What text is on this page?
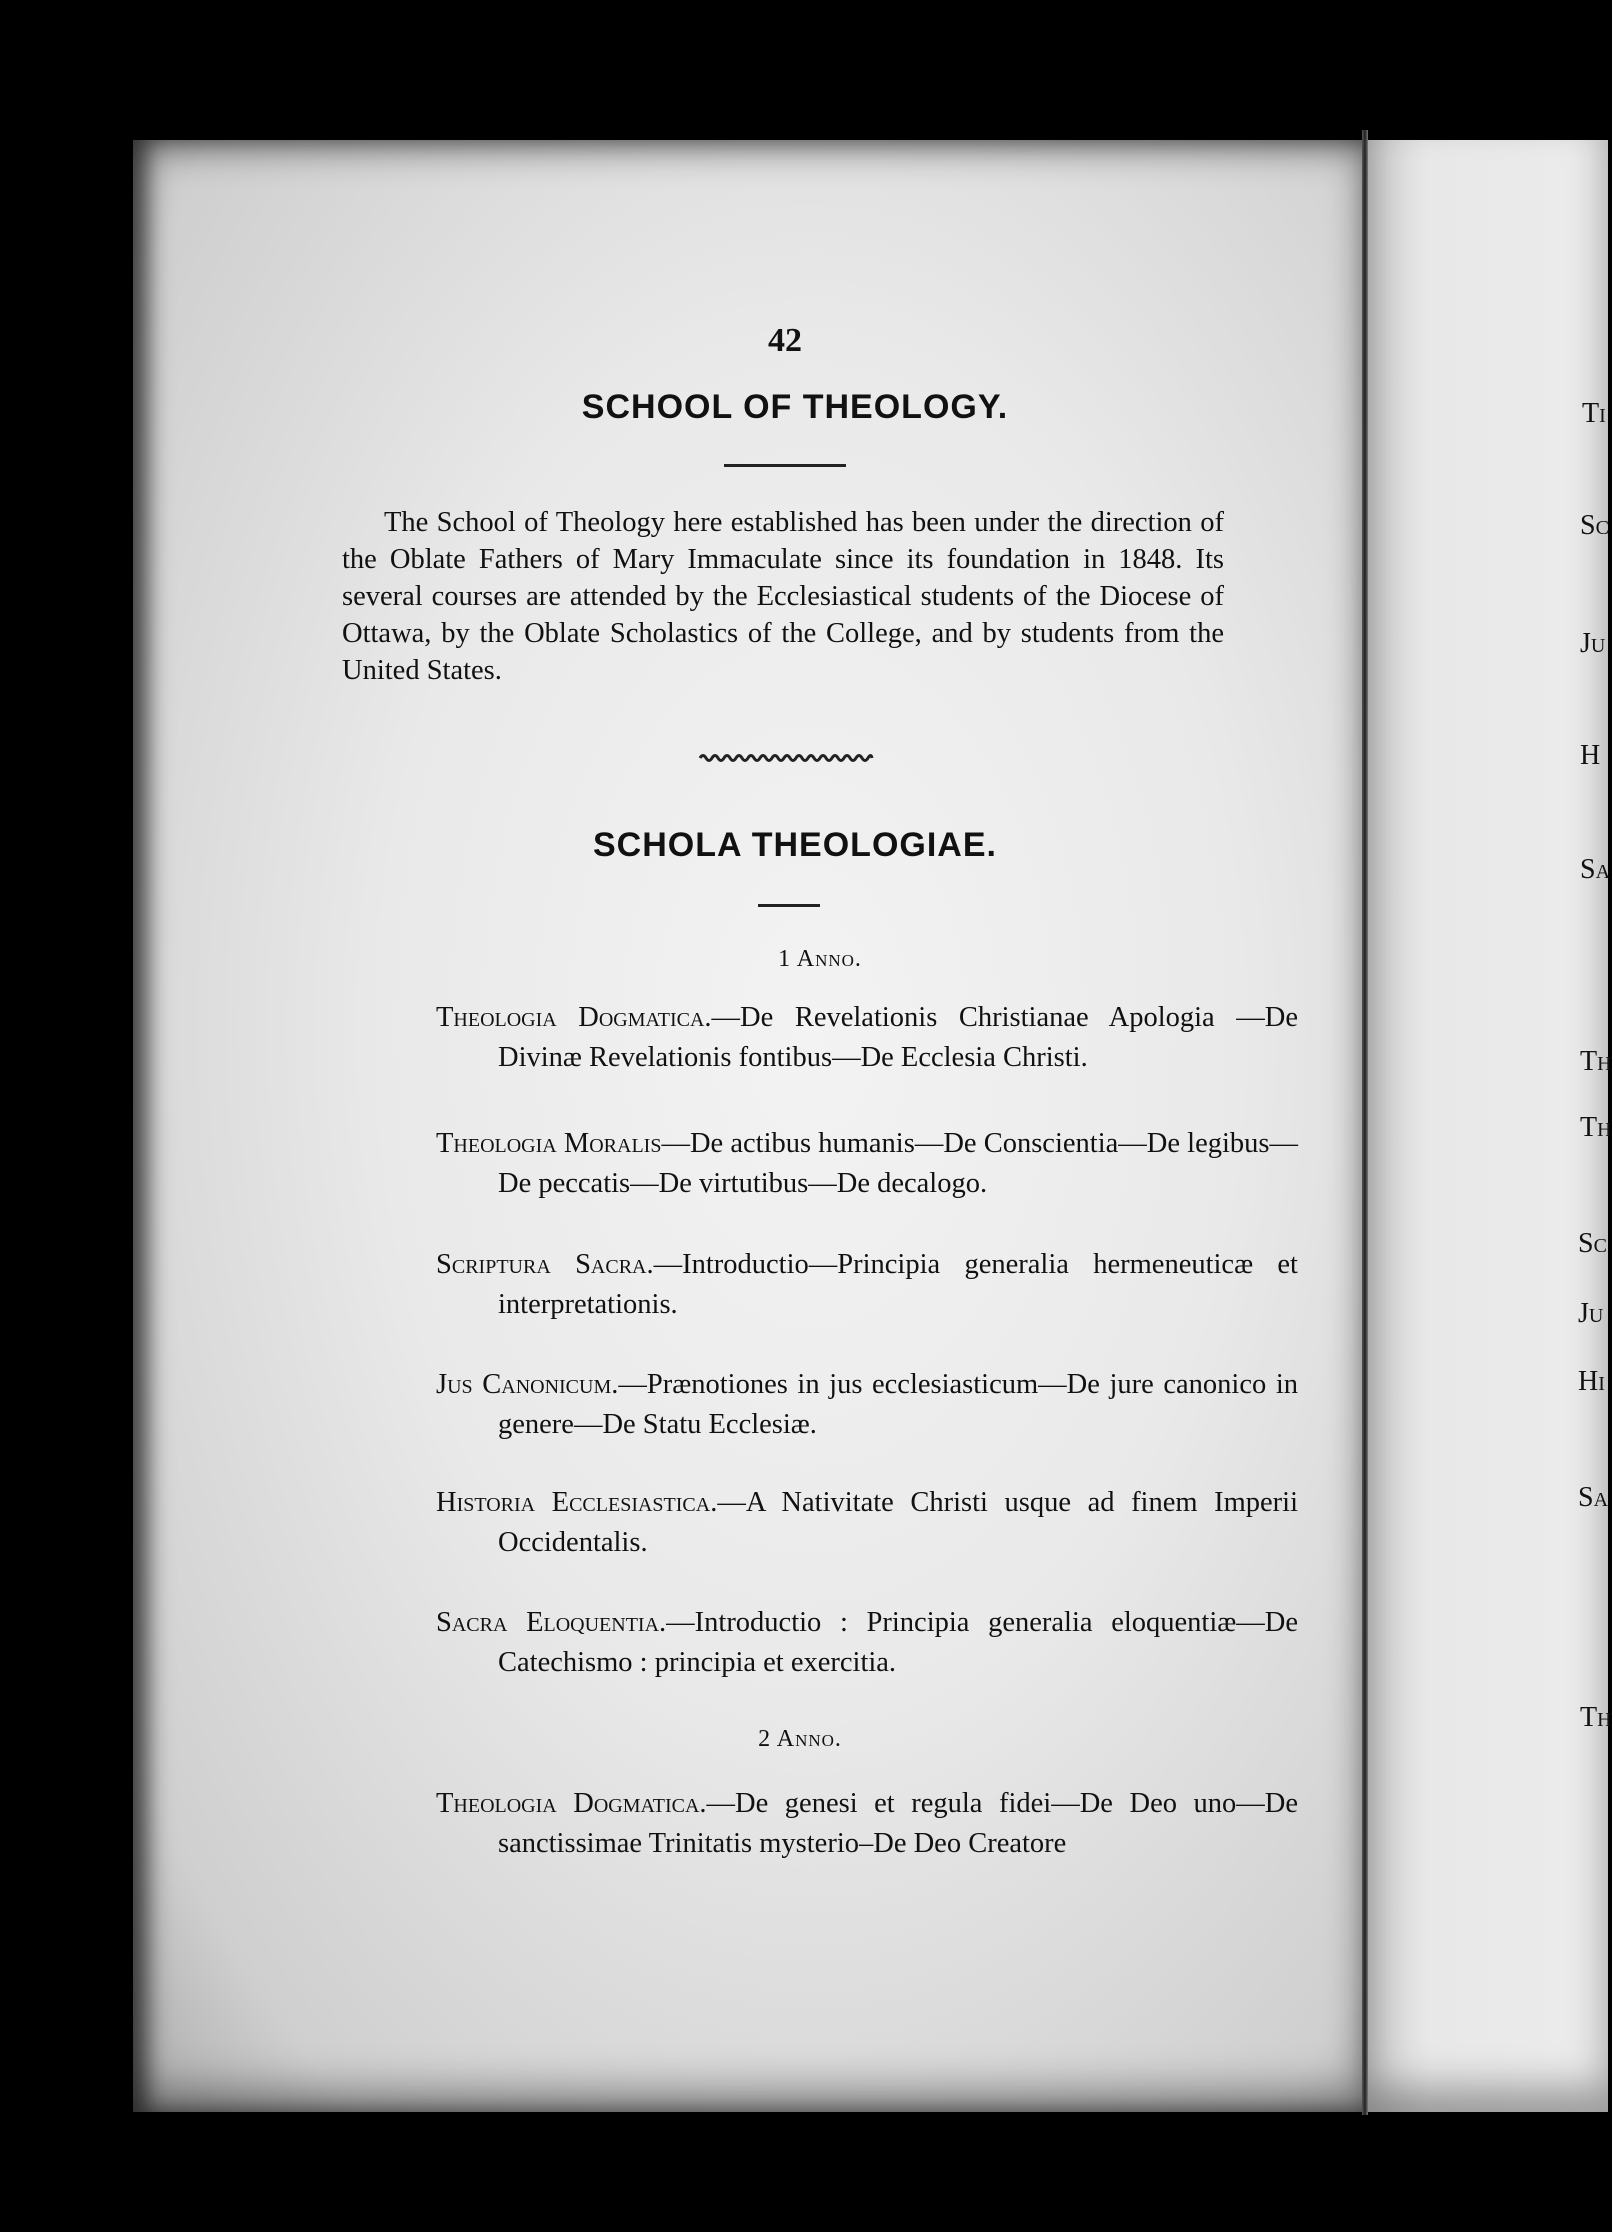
42
SCHOOL OF THEOLOGY.

The School of Theology here established has been under the direction of the Oblate Fathers of Mary Immaculate since its foundation in 1848. Its several courses are attended by the Ecclesiastical students of the Diocese of Ottawa, by the Oblate Scholastics of the College, and by students from the United States.

SCHOLA THEOLOGIAE.
1 Anno.

Theologia Dogmatica.—De Revelationis Christianae Apologia —De Divinæ Revelationis fontibus—De Ecclesia Christi.

Theologia Moralis—De actibus humanis—De Conscientia—De legibus—De peccatis—De virtutibus—De decalogo.

Scriptura Sacra.—Introductio—Principia generalia hermeneuticæ et interpretationis.

Jus Canonicum.—Prænotiones in jus ecclesiasticum—De jure canonico in genere—De Statu Ecclesiæ.

Historia Ecclesiastica.—A Nativitate Christi usque ad finem Imperii Occidentalis.

Sacra Eloquentia.—Introductio : Principia generalia eloquentiæ—De Catechismo : principia et exercitia.

2 Anno.

Theologia Dogmatica.—De genesi et regula fidei—De Deo uno—De sanctissimae Trinitatis mysterio–De Deo Creatore

Ti
Sc
Ju
H
Sa
Th
Th
Sc
Ju
Hi
Sa
Th
